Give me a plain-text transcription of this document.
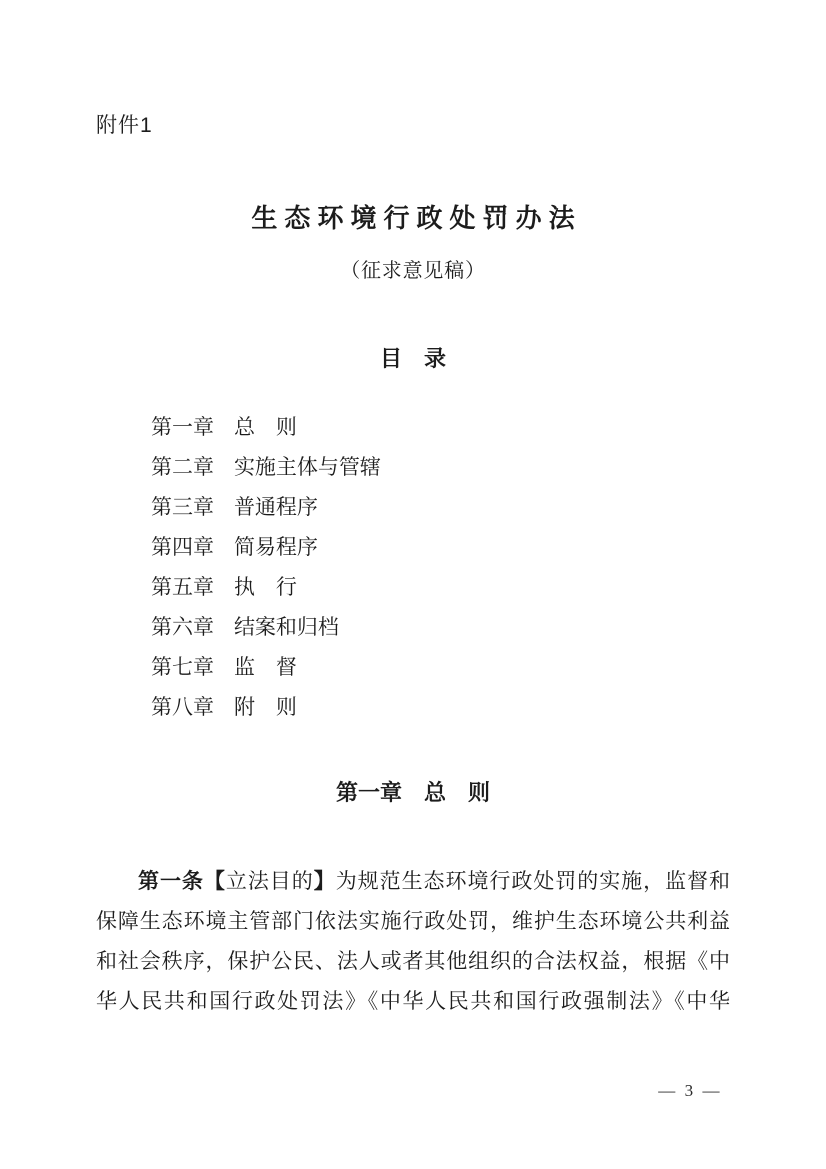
附件1
生态环境行政处罚办法
（征求意见稿）
目　录
第一章 总　则
第二章 实施主体与管辖
第三章 普通程序
第四章 简易程序
第五章 执　行
第六章 结案和归档
第七章 监　督
第八章 附　则
第一章　总　则

第一条【立法目的】为规范生态环境行政处罚的实施，监督和

保障生态环境主管部门依法实施行政处罚，维护生态环境公共利益

和社会秩序，保护公民、法人或者其他组织的合法权益，根据《中

华人民共和国行政处罚法》《中华人民共和国行政强制法》《中华

— 3 —
